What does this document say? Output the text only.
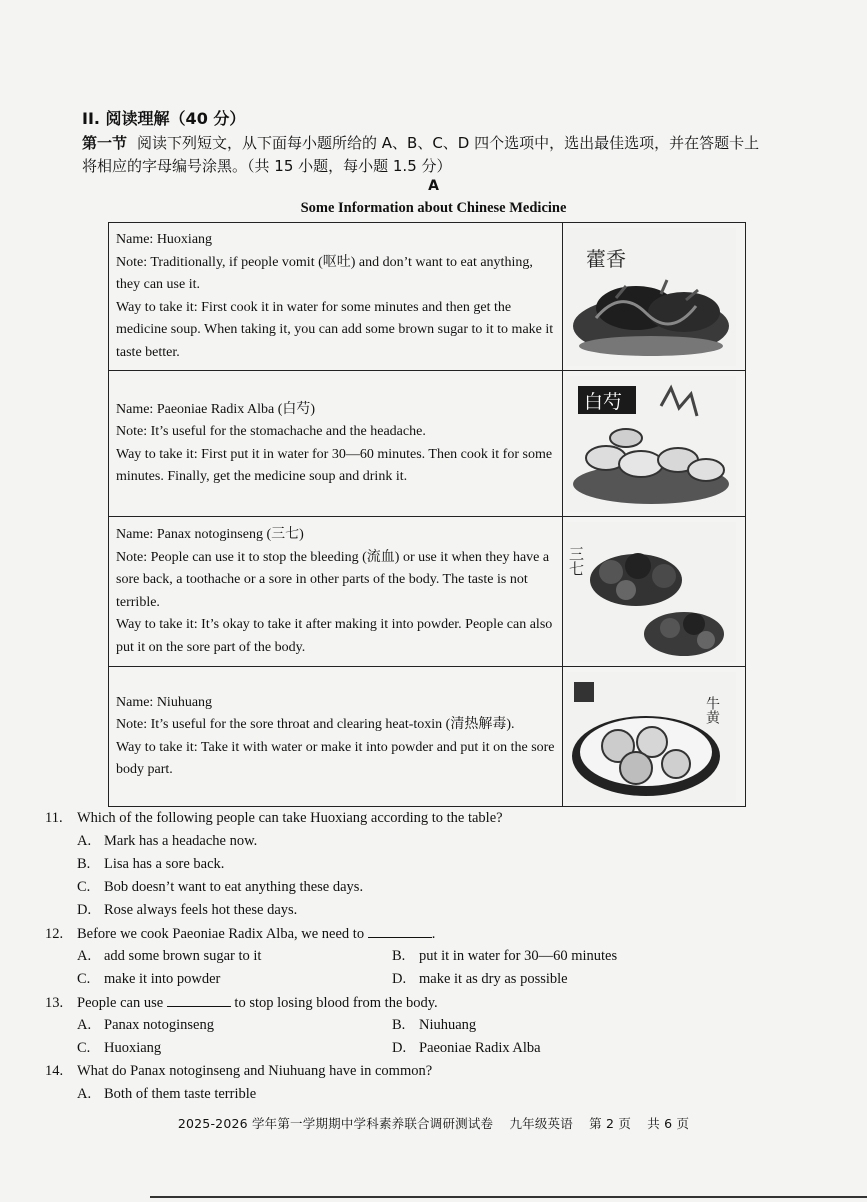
II. 阅读理解（40 分）
第一节 阅读下列短文，从下面每小题所给的 A、B、C、D 四个选项中，选出最佳选项，并在答题卡上将相应的字母编号涂黑。（共 15 小题，每小题 1.5 分）
A
Some Information about Chinese Medicine
Name: Huoxiang
Note: Traditionally, if people vomit (呕吐) and don’t want to eat anything, they can use it.
Way to take it: First cook it in water for some minutes and then get the medicine soup. When taking it, you can add some brown sugar to it to make it taste better.	藿香

Name: Paeoniae Radix Alba (白芍)
Note: It’s useful for the stomachache and the headache.
Way to take it: First put it in water for 30—60 minutes. Then cook it for some minutes. Finally, get the medicine soup and drink it.	白芍

Name: Panax notoginseng (三七)
Note: People can use it to stop the bleeding (流血) or use it when they have a sore back, a toothache or a sore in other parts of the body. The taste is not terrible.
Way to take it: It’s okay to take it after making it into powder. People can also put it on the sore part of the body.	三七

Name: Niuhuang
Note: It’s useful for the sore throat and clearing heat-toxin (清热解毒).
Way to take it: Take it with water or make it into powder and put it on the sore body part.	牛黄
11. Which of the following people can take Huoxiang according to the table?
A. Mark has a headache now.
B. Lisa has a sore back.
C. Bob doesn’t want to eat anything these days.
D. Rose always feels hot these days.
12. Before we cook Paeoniae Radix Alba, we need to	.
A. add some brown sugar to it	B. put it in water for 30—60 minutes
C. make it into powder	D. make it as dry as possible
13. People can use	to stop losing blood from the body.
A. Panax notoginseng	B. Niuhuang
C. Huoxiang	D. Paeoniae Radix Alba
14. What do Panax notoginseng and Niuhuang have in common?
A. Both of them taste terrible
2025-2026 学年第一学期期中学科素养联合调研测试卷 九年级英语 第 2 页 共 6 页
